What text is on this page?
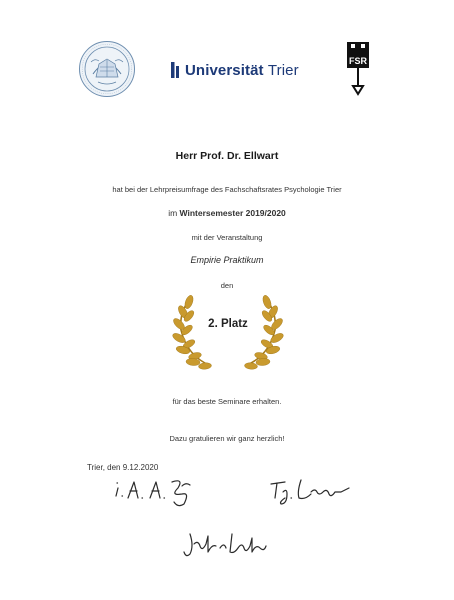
Universität Trier
FSR
Herr Prof. Dr. Ellwart
hat bei der Lehrpreisumfrage des Fachschaftsrates Psychologie Trier
im Wintersemester 2019/2020
mit der Veranstaltung
Empirie Praktikum
den
2. Platz
für das beste Seminare erhalten.
Dazu gratulieren wir ganz herzlich!
Trier, den 9.12.2020
